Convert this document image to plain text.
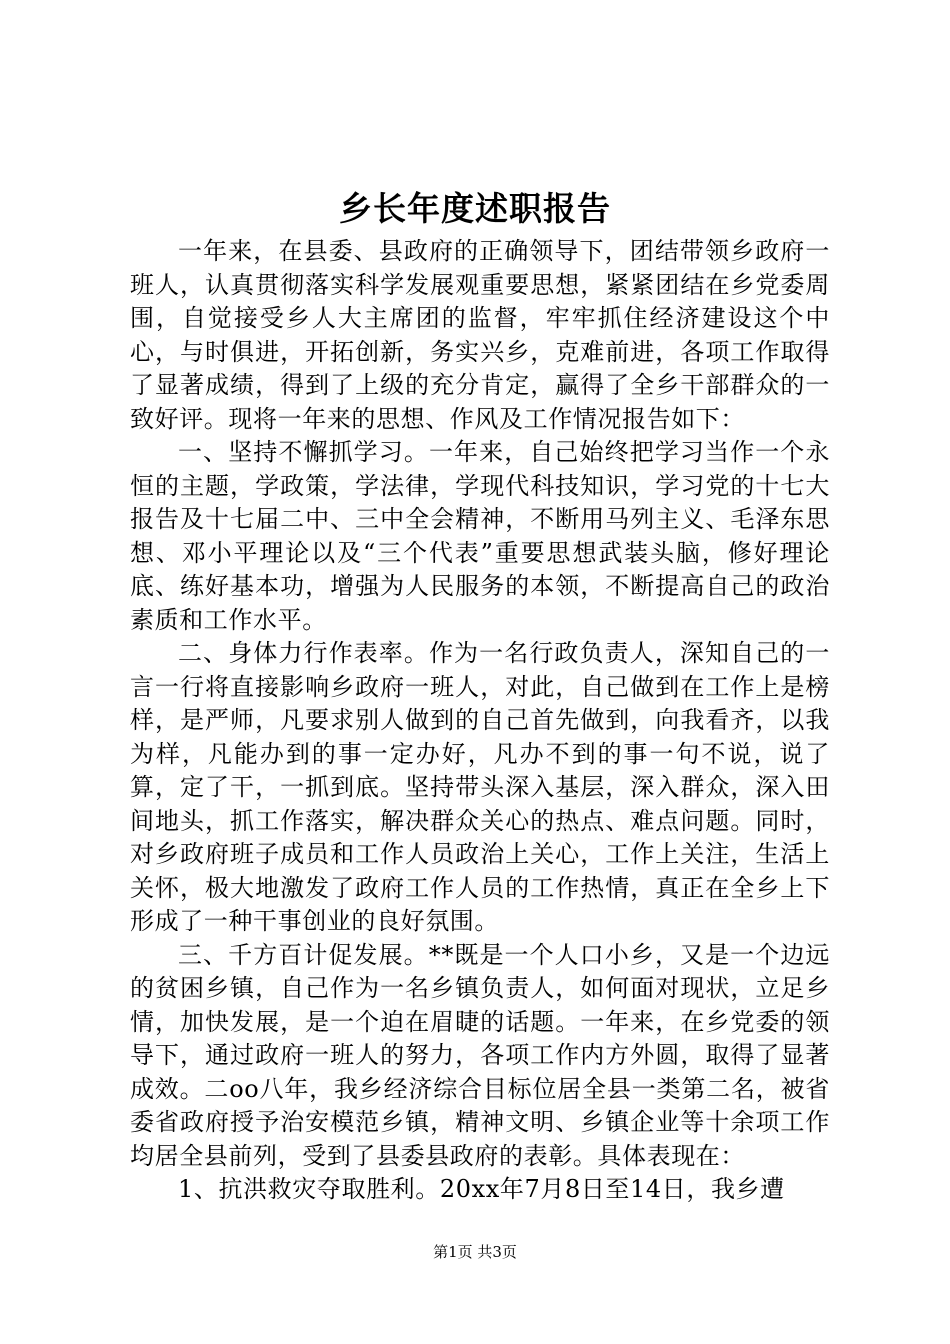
乡长年度述职报告

一年来，在县委、县政府的正确领导下，团结带领乡政府一班人，认真贯彻落实科学发展观重要思想，紧紧团结在乡党委周围，自觉接受乡人大主席团的监督，牢牢抓住经济建设这个中心，与时俱进，开拓创新，务实兴乡，克难前进，各项工作取得了显著成绩，得到了上级的充分肯定，赢得了全乡干部群众的一致好评。现将一年来的思想、作风及工作情况报告如下：

一、坚持不懈抓学习。一年来，自己始终把学习当作一个永恒的主题，学政策，学法律，学现代科技知识，学习党的十七大报告及十七届二中、三中全会精神，不断用马列主义、毛泽东思想、邓小平理论以及“三个代表”重要思想武装头脑，修好理论底、练好基本功，增强为人民服务的本领，不断提高自己的政治素质和工作水平。

二、身体力行作表率。作为一名行政负责人，深知自己的一言一行将直接影响乡政府一班人，对此，自己做到在工作上是榜样，是严师，凡要求别人做到的自己首先做到，向我看齐，以我为样，凡能办到的事一定办好，凡办不到的事一句不说，说了算，定了干，一抓到底。坚持带头深入基层，深入群众，深入田间地头，抓工作落实，解决群众关心的热点、难点问题。同时，对乡政府班子成员和工作人员政治上关心，工作上关注，生活上关怀，极大地激发了政府工作人员的工作热情，真正在全乡上下形成了一种干事创业的良好氛围。

三、千方百计促发展。**既是一个人口小乡，又是一个边远的贫困乡镇，自己作为一名乡镇负责人，如何面对现状，立足乡情，加快发展，是一个迫在眉睫的话题。一年来，在乡党委的领导下，通过政府一班人的努力，各项工作内方外圆，取得了显著成效。二oo八年，我乡经济综合目标位居全县一类第二名，被省委省政府授予治安模范乡镇，精神文明、乡镇企业等十余项工作均居全县前列，受到了县委县政府的表彰。具体表现在：

1、抗洪救灾夺取胜利。20xx年7月8日至14日，我乡遭

第1页 共3页
